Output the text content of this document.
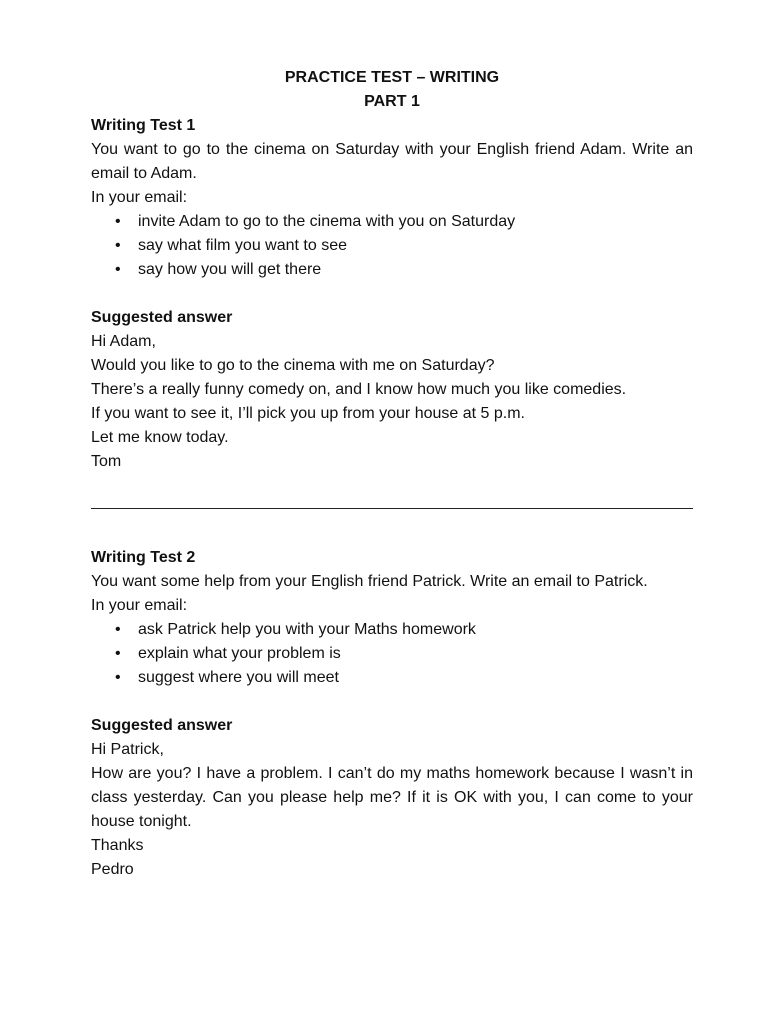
PRACTICE TEST – WRITING

PART 1

Writing Test 1

You want to go to the cinema on Saturday with your English friend Adam. Write an email to Adam.

In your email:

• invite Adam to go to the cinema with you on Saturday
• say what film you want to see
• say how you will get there

Suggested answer

Hi Adam,

Would you like to go to the cinema with me on Saturday?

There’s a really funny comedy on, and I know how much you like comedies.

If you want to see it, I’ll pick you up from your house at 5 p.m.

Let me know today.

Tom

Writing Test 2

You want some help from your English friend Patrick. Write an email to Patrick.

In your email:

• ask Patrick help you with your Maths homework
• explain what your problem is
• suggest where you will meet

Suggested answer

Hi Patrick,

How are you? I have a problem. I can’t do my maths homework because I wasn’t in class yesterday. Can you please help me? If it is OK with you, I can come to your house tonight.

Thanks

Pedro
